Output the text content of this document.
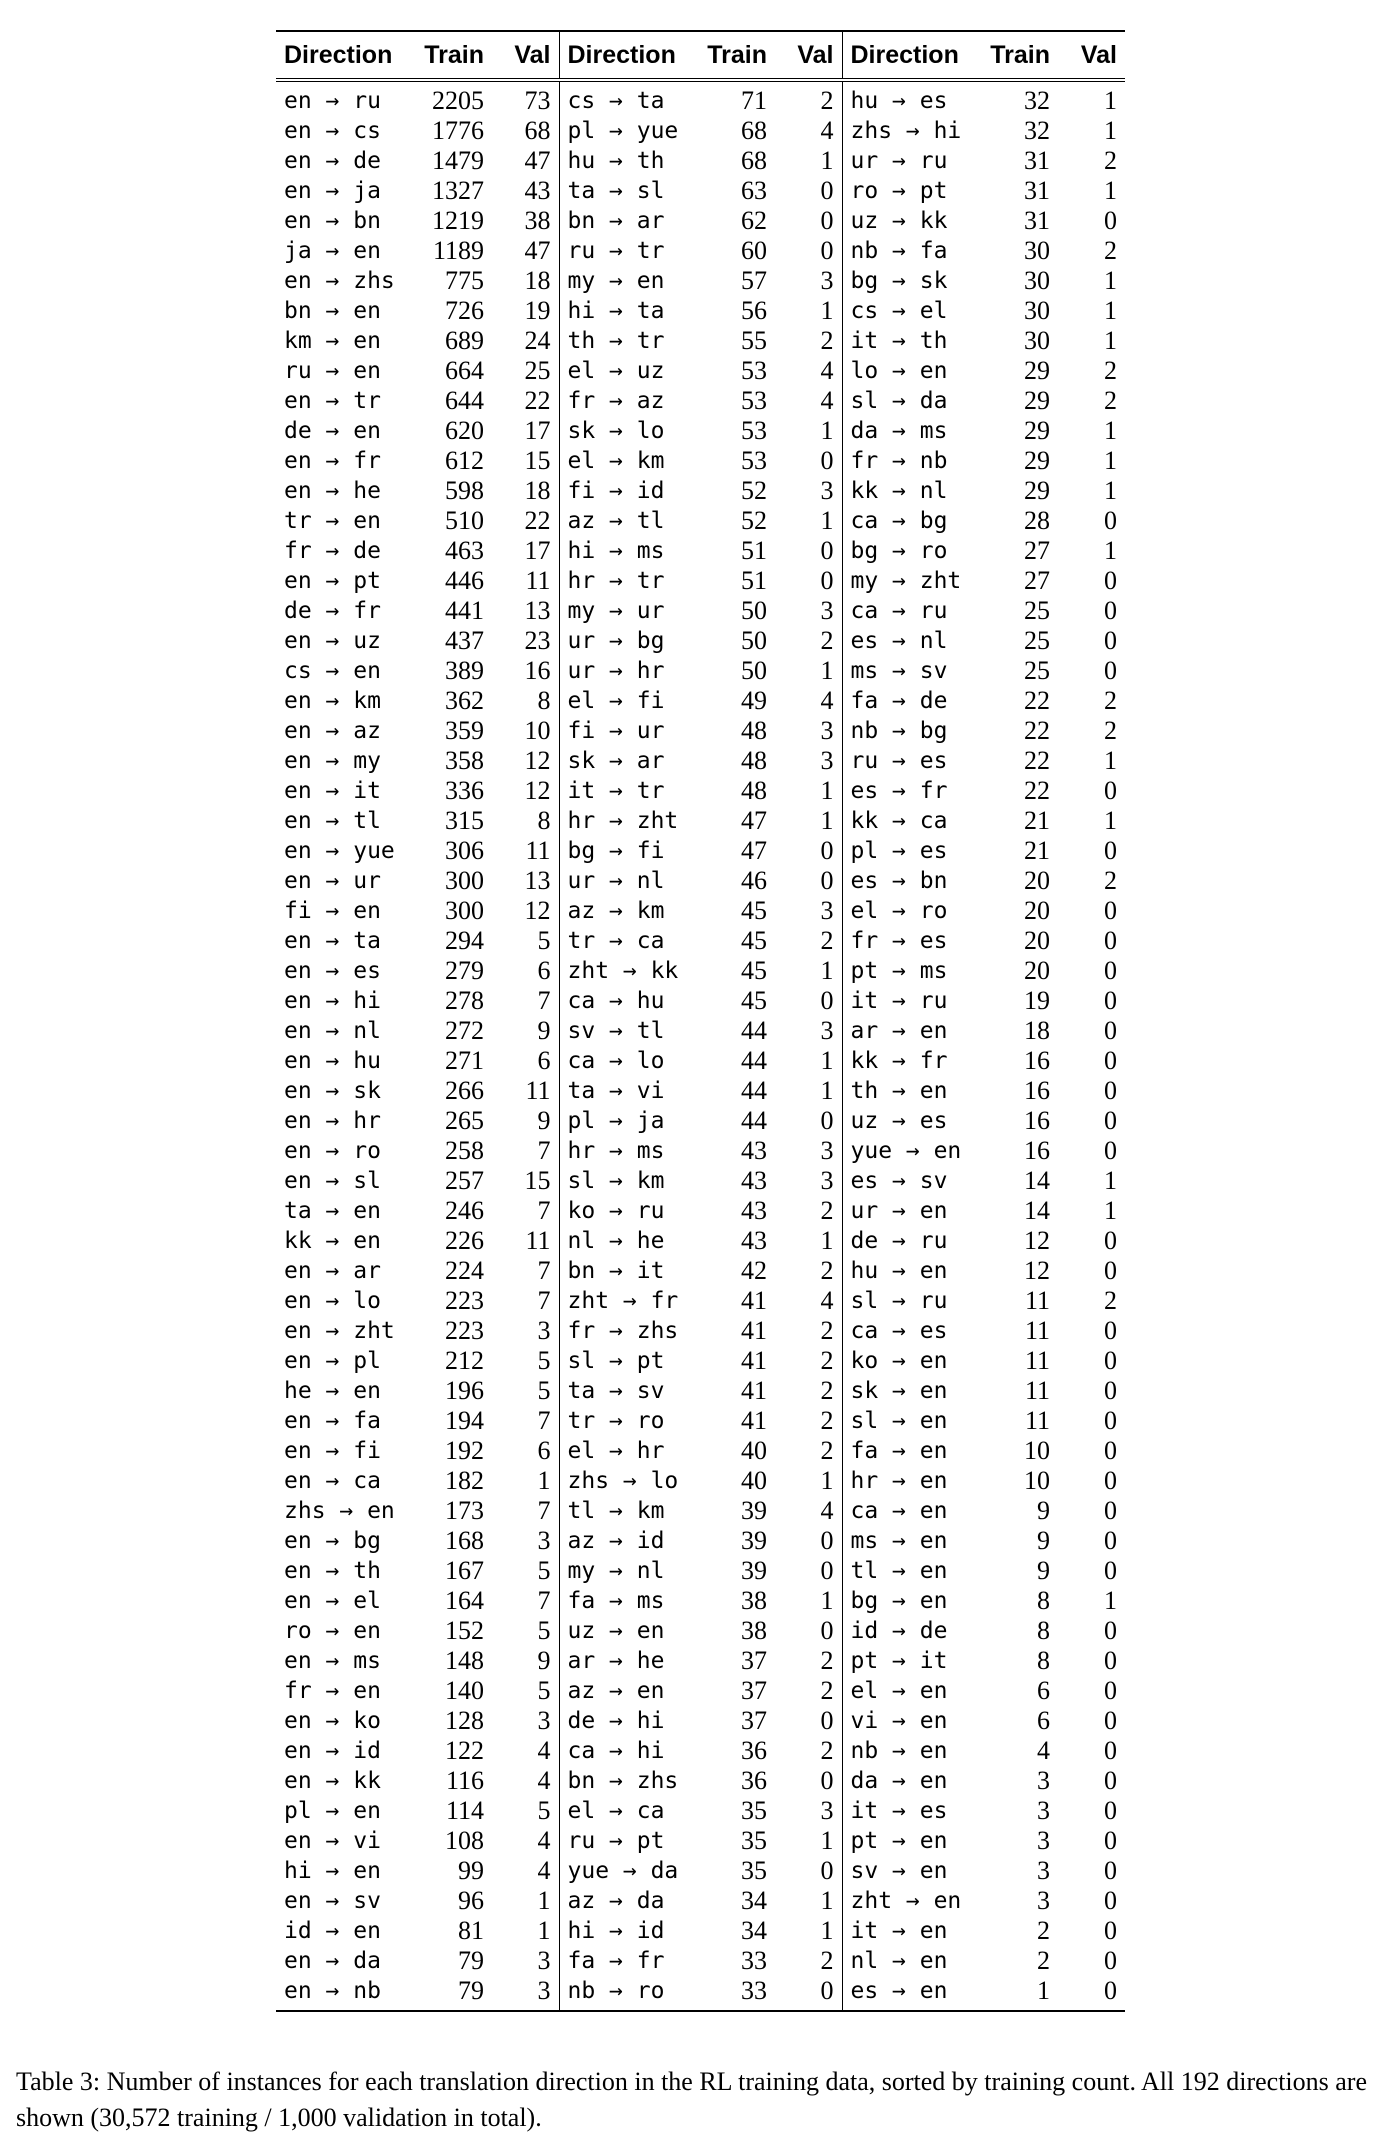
Direction	Train	Val	Direction	Train	Val	Direction	Train	Val
en → ru	2205	73	cs → ta	71	2	hu → es	32	1
en → cs	1776	68	pl → yue	68	4	zhs → hi	32	1
en → de	1479	47	hu → th	68	1	ur → ru	31	2
en → ja	1327	43	ta → sl	63	0	ro → pt	31	1
en → bn	1219	38	bn → ar	62	0	uz → kk	31	0
ja → en	1189	47	ru → tr	60	0	nb → fa	30	2
en → zhs	775	18	my → en	57	3	bg → sk	30	1
bn → en	726	19	hi → ta	56	1	cs → el	30	1
km → en	689	24	th → tr	55	2	it → th	30	1
ru → en	664	25	el → uz	53	4	lo → en	29	2
en → tr	644	22	fr → az	53	4	sl → da	29	2
de → en	620	17	sk → lo	53	1	da → ms	29	1
en → fr	612	15	el → km	53	0	fr → nb	29	1
en → he	598	18	fi → id	52	3	kk → nl	29	1
tr → en	510	22	az → tl	52	1	ca → bg	28	0
fr → de	463	17	hi → ms	51	0	bg → ro	27	1
en → pt	446	11	hr → tr	51	0	my → zht	27	0
de → fr	441	13	my → ur	50	3	ca → ru	25	0
en → uz	437	23	ur → bg	50	2	es → nl	25	0
cs → en	389	16	ur → hr	50	1	ms → sv	25	0
en → km	362	8	el → fi	49	4	fa → de	22	2
en → az	359	10	fi → ur	48	3	nb → bg	22	2
en → my	358	12	sk → ar	48	3	ru → es	22	1
en → it	336	12	it → tr	48	1	es → fr	22	0
en → tl	315	8	hr → zht	47	1	kk → ca	21	1
en → yue	306	11	bg → fi	47	0	pl → es	21	0
en → ur	300	13	ur → nl	46	0	es → bn	20	2
fi → en	300	12	az → km	45	3	el → ro	20	0
en → ta	294	5	tr → ca	45	2	fr → es	20	0
en → es	279	6	zht → kk	45	1	pt → ms	20	0
en → hi	278	7	ca → hu	45	0	it → ru	19	0
en → nl	272	9	sv → tl	44	3	ar → en	18	0
en → hu	271	6	ca → lo	44	1	kk → fr	16	0
en → sk	266	11	ta → vi	44	1	th → en	16	0
en → hr	265	9	pl → ja	44	0	uz → es	16	0
en → ro	258	7	hr → ms	43	3	yue → en	16	0
en → sl	257	15	sl → km	43	3	es → sv	14	1
ta → en	246	7	ko → ru	43	2	ur → en	14	1
kk → en	226	11	nl → he	43	1	de → ru	12	0
en → ar	224	7	bn → it	42	2	hu → en	12	0
en → lo	223	7	zht → fr	41	4	sl → ru	11	2
en → zht	223	3	fr → zhs	41	2	ca → es	11	0
en → pl	212	5	sl → pt	41	2	ko → en	11	0
he → en	196	5	ta → sv	41	2	sk → en	11	0
en → fa	194	7	tr → ro	41	2	sl → en	11	0
en → fi	192	6	el → hr	40	2	fa → en	10	0
en → ca	182	1	zhs → lo	40	1	hr → en	10	0
zhs → en	173	7	tl → km	39	4	ca → en	9	0
en → bg	168	3	az → id	39	0	ms → en	9	0
en → th	167	5	my → nl	39	0	tl → en	9	0
en → el	164	7	fa → ms	38	1	bg → en	8	1
ro → en	152	5	uz → en	38	0	id → de	8	0
en → ms	148	9	ar → he	37	2	pt → it	8	0
fr → en	140	5	az → en	37	2	el → en	6	0
en → ko	128	3	de → hi	37	0	vi → en	6	0
en → id	122	4	ca → hi	36	2	nb → en	4	0
en → kk	116	4	bn → zhs	36	0	da → en	3	0
pl → en	114	5	el → ca	35	3	it → es	3	0
en → vi	108	4	ru → pt	35	1	pt → en	3	0
hi → en	99	4	yue → da	35	0	sv → en	3	0
en → sv	96	1	az → da	34	1	zht → en	3	0
id → en	81	1	hi → id	34	1	it → en	2	0
en → da	79	3	fa → fr	33	2	nl → en	2	0
en → nb	79	3	nb → ro	33	0	es → en	1	0

Table 3: Number of instances for each translation direction in the RL training data, sorted by training count. All 192 directions are shown (30,572 training / 1,000 validation in total).
